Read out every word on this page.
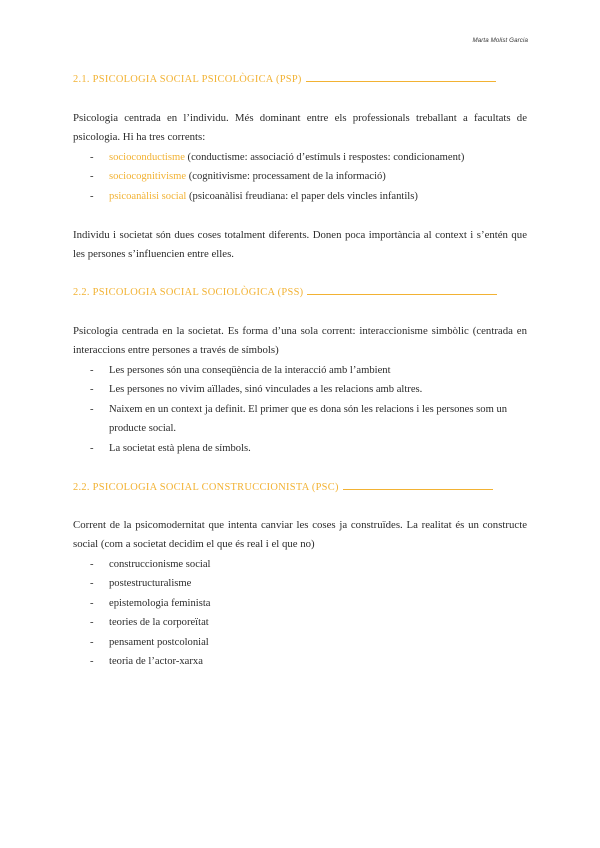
Marta Molist Garcia
2.1. PSICOLOGIA SOCIAL PSICOLÒGICA (PSP)

Psicologia centrada en l’individu. Més dominant entre els professionals treballant a facultats de psicologia. Hi ha tres corrents:

- socioconductisme (conductisme: associació d’estímuls i respostes: condicionament)
- sociocognitivisme (cognitivisme: processament de la informació)
- psicoanàlisi social (psicoanàlisi freudiana: el paper dels vincles infantils)

Individu i societat són dues coses totalment diferents. Donen poca importància al context i s’entén que les persones s’influencien entre elles.

2.2. PSICOLOGIA SOCIAL SOCIOLÒGICA (PSS)

Psicologia centrada en la societat. Es forma d’una sola corrent: interaccionisme simbòlic (centrada en interaccions entre persones a través de símbols)

- Les persones són una conseqüència de la interacció amb l’ambient
- Les persones no vivim aïllades, sinó vinculades a les relacions amb altres.
- Naixem en un context ja definit. El primer que es dona són les relacions i les persones som un producte social.
- La societat està plena de símbols.
2.2. PSICOLOGIA SOCIAL CONSTRUCCIONISTA (PSC)

Corrent de la psicomodernitat que intenta canviar les coses ja construïdes. La realitat és un constructe social (com a societat decidim el que és real i el que no)

- construccionisme social
- postestructuralisme
- epistemologia feminista
- teories de la corporeïtat
- pensament postcolonial
- teoria de l’actor-xarxa
